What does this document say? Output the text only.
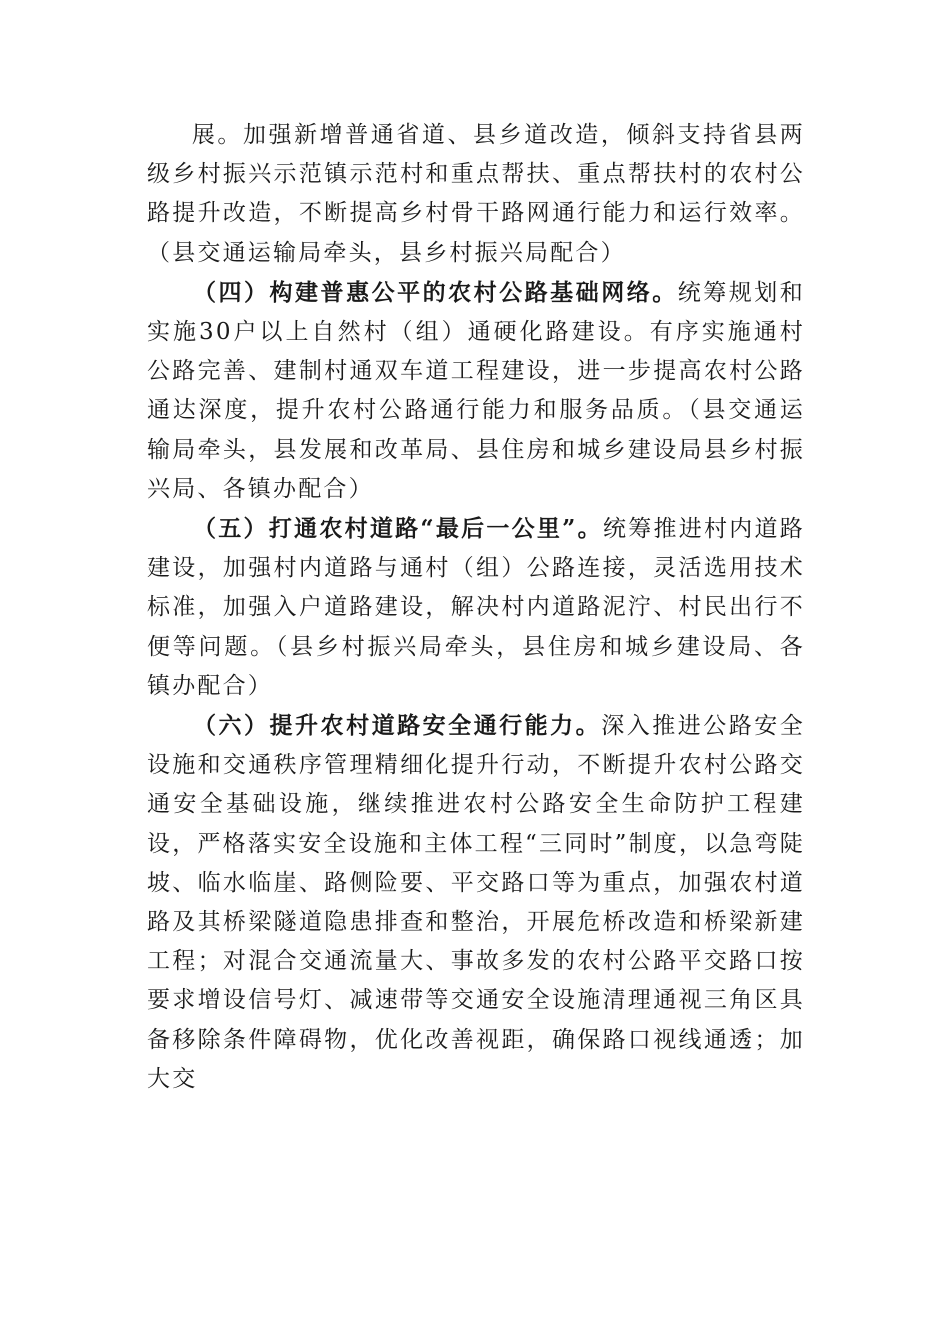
展。加强新增普通省道、县乡道改造，倾斜支持省县两级乡村振兴示范镇示范村和重点帮扶、重点帮扶村的农村公路提升改造，不断提高乡村骨干路网通行能力和运行效率。（县交通运输局牵头，县乡村振兴局配合）

（四）构建普惠公平的农村公路基础网络。统筹规划和实施30户以上自然村（组）通硬化路建设。有序实施通村公路完善、建制村通双车道工程建设，进一步提高农村公路通达深度，提升农村公路通行能力和服务品质。（县交通运输局牵头，县发展和改革局、县住房和城乡建设局县乡村振兴局、各镇办配合）

（五）打通农村道路“最后一公里”。统筹推进村内道路建设，加强村内道路与通村（组）公路连接，灵活选用技术标准，加强入户道路建设，解决村内道路泥泞、村民出行不便等问题。（县乡村振兴局牵头，县住房和城乡建设局、各镇办配合）

（六）提升农村道路安全通行能力。深入推进公路安全设施和交通秩序管理精细化提升行动，不断提升农村公路交通安全基础设施，继续推进农村公路安全生命防护工程建设，严格落实安全设施和主体工程“三同时”制度，以急弯陡坡、临水临崖、路侧险要、平交路口等为重点，加强农村道路及其桥梁隧道隐患排查和整治，开展危桥改造和桥梁新建工程；对混合交通流量大、事故多发的农村公路平交路口按要求增设信号灯、减速带等交通安全设施清理通视三角区具备移除条件障碍物，优化改善视距，确保路口视线通透；加大交
